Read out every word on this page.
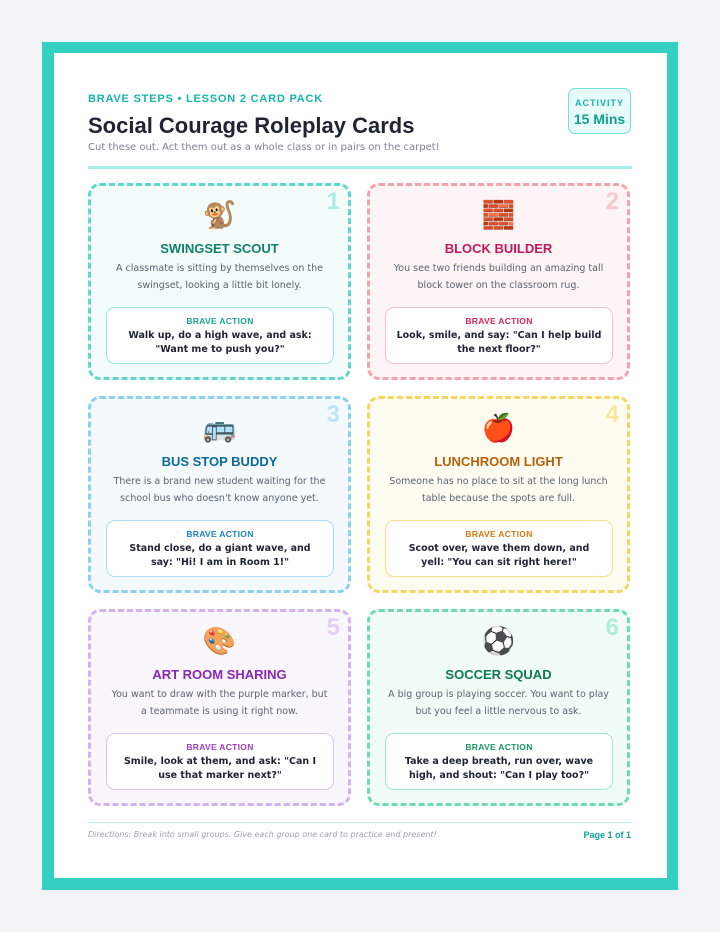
BRAVE STEPS • LESSON 2 CARD PACK
Social Courage Roleplay Cards
Cut these out. Act them out as a whole class or in pairs on the carpet!
ACTIVITY
15 Mins
1
🐒
SWINGSET SCOUT
A classmate is sitting by themselves on the swingset, looking a little bit lonely.
BRAVE ACTION
Walk up, do a high wave, and ask: "Want me to push you?"
2
🧱
BLOCK BUILDER
You see two friends building an amazing tall block tower on the classroom rug.
BRAVE ACTION
Look, smile, and say: "Can I help build the next floor?"
3
🚌
BUS STOP BUDDY
There is a brand new student waiting for the school bus who doesn't know anyone yet.
BRAVE ACTION
Stand close, do a giant wave, and say: "Hi! I am in Room 1!"
4
🍎
LUNCHROOM LIGHT
Someone has no place to sit at the long lunch table because the spots are full.
BRAVE ACTION
Scoot over, wave them down, and yell: "You can sit right here!"
5
🎨
ART ROOM SHARING
You want to draw with the purple marker, but a teammate is using it right now.
BRAVE ACTION
Smile, look at them, and ask: "Can I use that marker next?"
6
⚽
SOCCER SQUAD
A big group is playing soccer. You want to play but you feel a little nervous to ask.
BRAVE ACTION
Take a deep breath, run over, wave high, and shout: "Can I play too?"
Directions: Break into small groups. Give each group one card to practice and present!	Page 1 of 1
